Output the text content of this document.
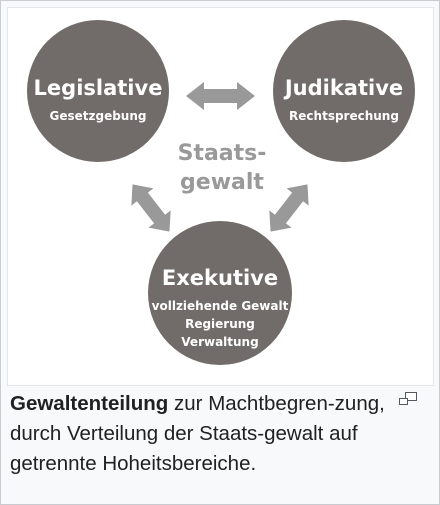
Staats-
gewalt
Legislative
Gesetzgebung
Judikative
Rechtsprechung
Exekutive
vollziehende Gewalt
Regierung
Verwaltung
Gewaltenteilung zur Machtbegren-zung, durch Verteilung der Staats-gewalt auf getrennte Hoheitsbereiche.
